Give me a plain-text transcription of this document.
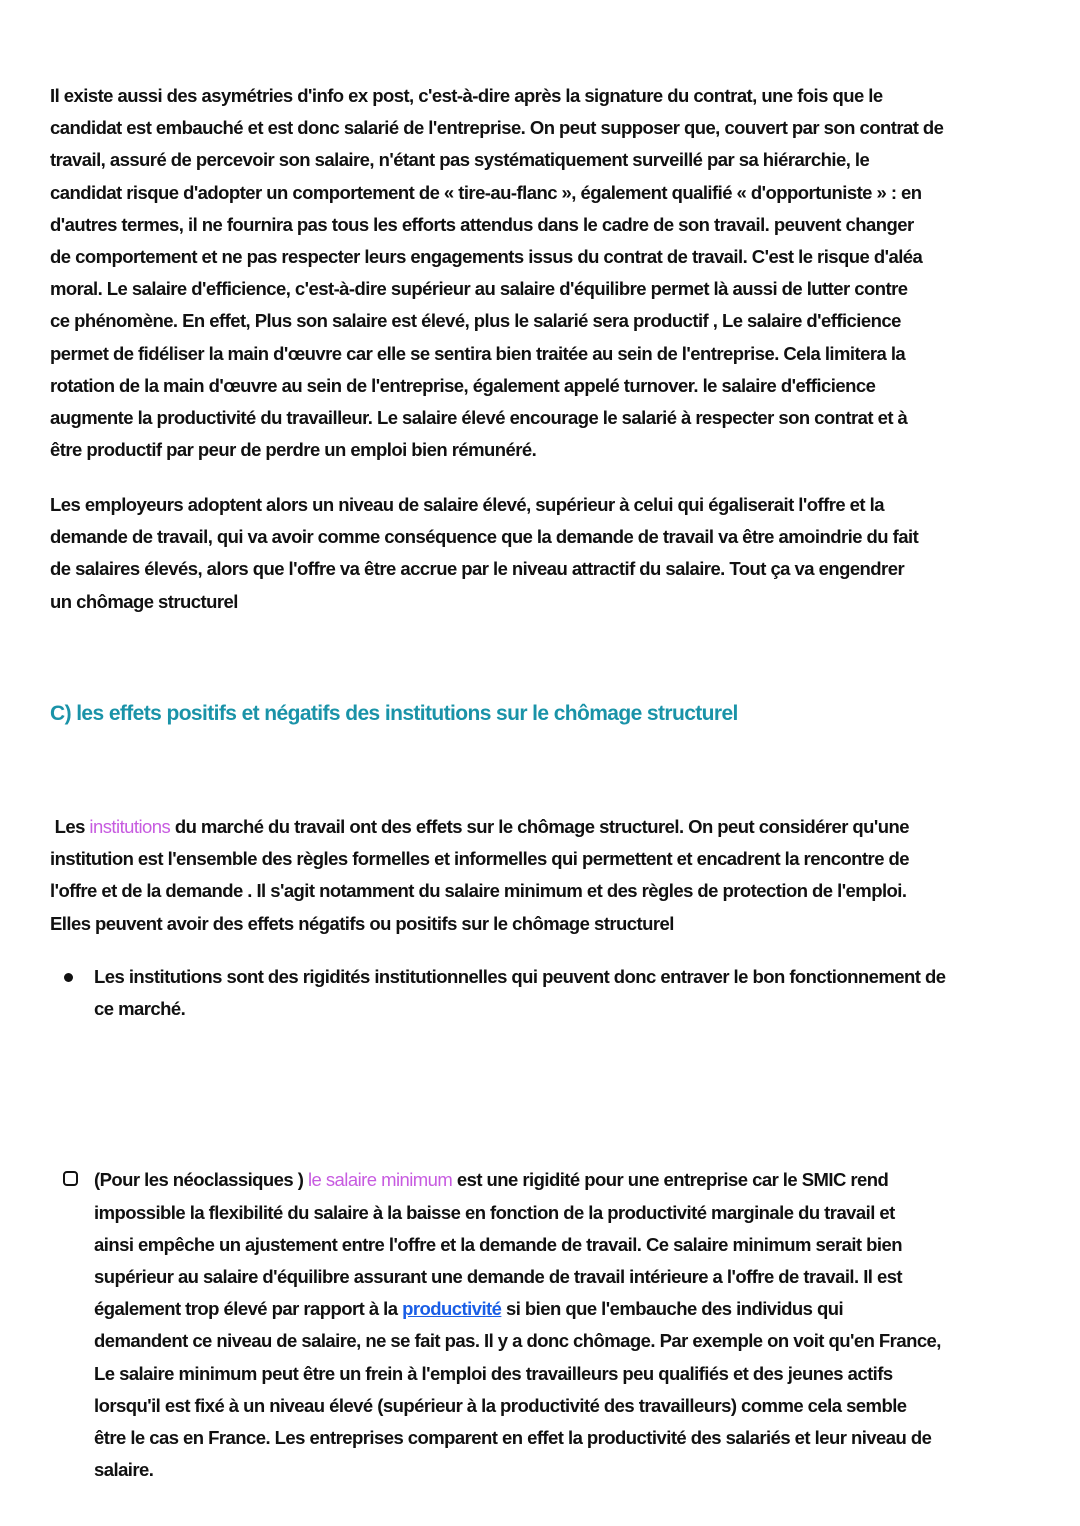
Il existe aussi des asymétries d'info ex post, c'est-à-dire après la signature du contrat, une fois que le
candidat est embauché et est donc salarié de l'entreprise. On peut supposer que, couvert par son contrat de
travail, assuré de percevoir son salaire, n'étant pas systématiquement surveillé par sa hiérarchie, le
candidat risque d'adopter un comportement de « tire-au-flanc », également qualifié « d'opportuniste » : en
d'autres termes, il ne fournira pas tous les efforts attendus dans le cadre de son travail. peuvent changer
de comportement et ne pas respecter leurs engagements issus du contrat de travail. C'est le risque d'aléa
moral. Le salaire d'efficience, c'est-à-dire supérieur au salaire d'équilibre permet là aussi de lutter contre
ce phénomène. En effet, Plus son salaire est élevé, plus le salarié sera productif , Le salaire d'efficience
permet de fidéliser la main d'œuvre car elle se sentira bien traitée au sein de l'entreprise. Cela limitera la
rotation de la main d'œuvre au sein de l'entreprise, également appelé turnover. le salaire d'efficience
augmente la productivité du travailleur. Le salaire élevé encourage le salarié à respecter son contrat et à
être productif par peur de perdre un emploi bien rémunéré.
Les employeurs adoptent alors un niveau de salaire élevé, supérieur à celui qui égaliserait l'offre et la
demande de travail, qui va avoir comme conséquence que la demande de travail va être amoindrie du fait
de salaires élevés, alors que l'offre va être accrue par le niveau attractif du salaire. Tout ça va engendrer
un chômage structurel
C) les effets positifs et négatifs des institutions sur le chômage structurel
Les institutions du marché du travail ont des effets sur le chômage structurel. On peut considérer qu'une
institution est l'ensemble des règles formelles et informelles qui permettent et encadrent la rencontre de
l'offre et de la demande . Il s'agit notamment du salaire minimum et des règles de protection de l'emploi.
Elles peuvent avoir des effets négatifs ou positifs sur le chômage structurel
Les institutions sont des rigidités institutionnelles qui peuvent donc entraver le bon fonctionnement de
ce marché.
(Pour les néoclassiques ) le salaire minimum est une rigidité pour une entreprise car le SMIC rend
impossible la flexibilité du salaire à la baisse en fonction de la productivité marginale du travail et
ainsi empêche un ajustement entre l'offre et la demande de travail. Ce salaire minimum serait bien
supérieur au salaire d'équilibre assurant une demande de travail intérieure a l'offre de travail. Il est
également trop élevé par rapport à la productivité si bien que l'embauche des individus qui
demandent ce niveau de salaire, ne se fait pas. Il y a donc chômage. Par exemple on voit qu'en France,
Le salaire minimum peut être un frein à l'emploi des travailleurs peu qualifiés et des jeunes actifs
lorsqu'il est fixé à un niveau élevé (supérieur à la productivité des travailleurs) comme cela semble
être le cas en France. Les entreprises comparent en effet la productivité des salariés et leur niveau de
salaire.
